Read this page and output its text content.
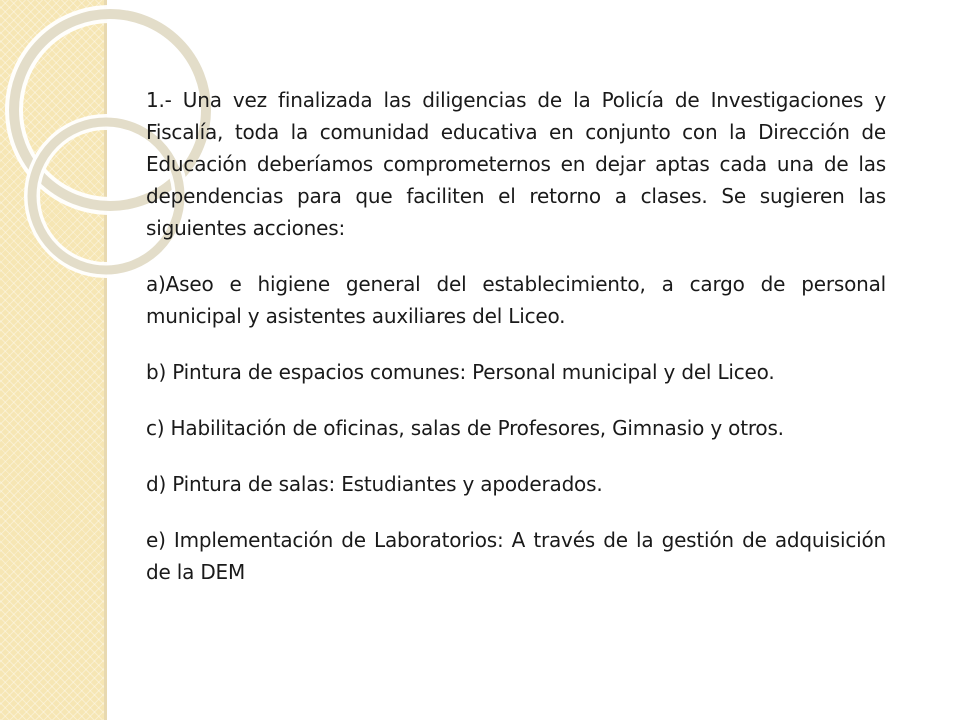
1.- Una vez finalizada las diligencias de la Policía de Investigaciones y Fiscalía, toda la comunidad educativa en conjunto con la Dirección de Educación deberíamos comprometernos en dejar aptas cada una de las dependencias para que faciliten el retorno a clases. Se sugieren las siguientes acciones:

a)Aseo e higiene general del establecimiento, a cargo de personal municipal y asistentes auxiliares del Liceo.

b) Pintura de espacios comunes: Personal municipal y del Liceo.

c) Habilitación de oficinas, salas de Profesores, Gimnasio y otros.

d) Pintura de salas: Estudiantes y apoderados.

e) Implementación de Laboratorios: A través de la gestión de adquisición de la DEM
